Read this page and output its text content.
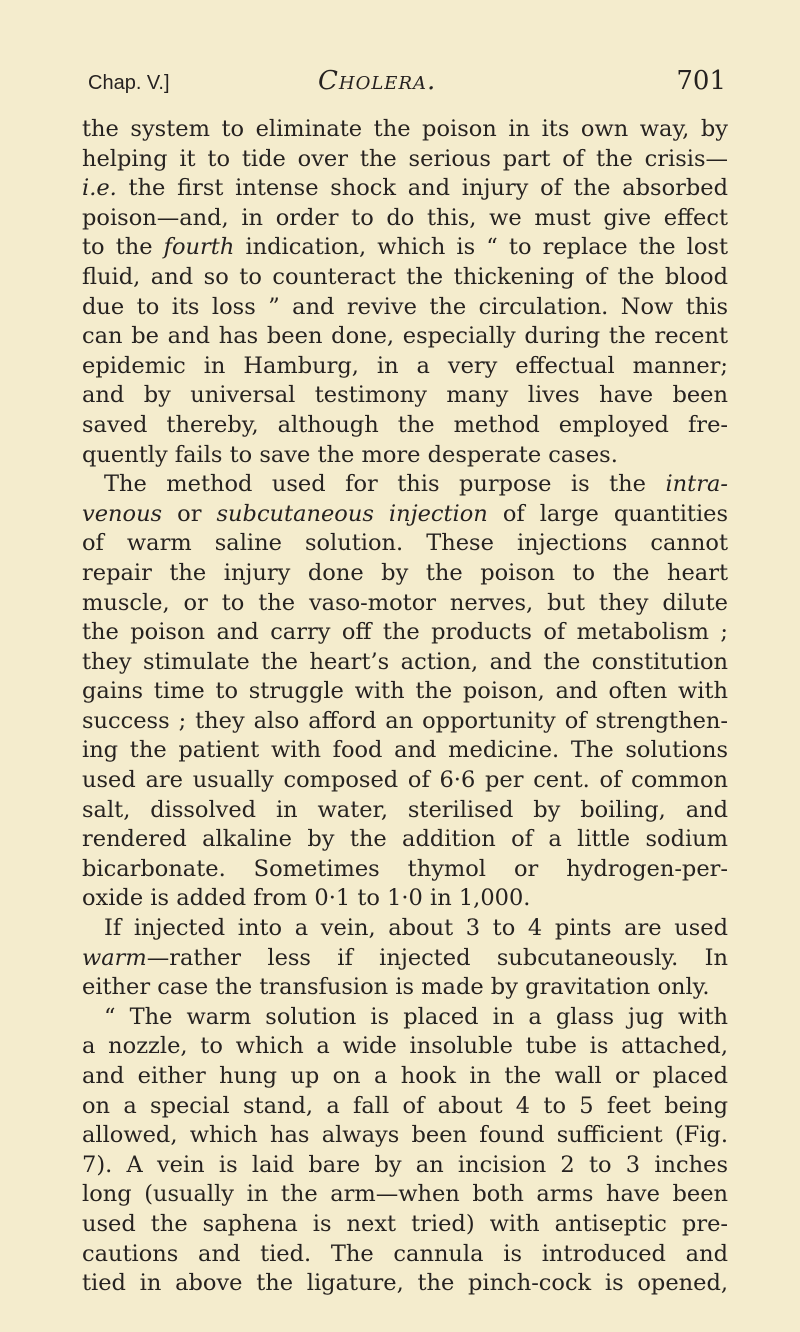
Chap. V.]	Cholera.	701
the system to eliminate the poison in its own way, by
helping it to tide over the serious part of the crisis—
i.e. the first intense shock and injury of the absorbed
poison—and, in order to do this, we must give effect
to the fourth indication, which is “ to replace the lost
fluid, and so to counteract the thickening of the blood
due to its loss ” and revive the circulation. Now this
can be and has been done, especially during the recent
epidemic in Hamburg, in a very effectual manner;
and by universal testimony many lives have been
saved thereby, although the method employed fre-
quently fails to save the more desperate cases.
The method used for this purpose is the intra-
venous or subcutaneous injection of large quantities
of warm saline solution. These injections cannot
repair the injury done by the poison to the heart
muscle, or to the vaso-motor nerves, but they dilute
the poison and carry off the products of metabolism ;
they stimulate the heart’s action, and the constitution
gains time to struggle with the poison, and often with
success ; they also afford an opportunity of strengthen-
ing the patient with food and medicine. The solutions
used are usually composed of 6·6 per cent. of common
salt, dissolved in water, sterilised by boiling, and
rendered alkaline by the addition of a little sodium
bicarbonate. Sometimes thymol or hydrogen-per-
oxide is added from 0·1 to 1·0 in 1,000.
If injected into a vein, about 3 to 4 pints are used
warm—rather less if injected subcutaneously. In
either case the transfusion is made by gravitation only.
“ The warm solution is placed in a glass jug with
a nozzle, to which a wide insoluble tube is attached,
and either hung up on a hook in the wall or placed
on a special stand, a fall of about 4 to 5 feet being
allowed, which has always been found sufficient (Fig.
7). A vein is laid bare by an incision 2 to 3 inches
long (usually in the arm—when both arms have been
used the saphena is next tried) with antiseptic pre-
cautions and tied. The cannula is introduced and
tied in above the ligature, the pinch-cock is opened,
